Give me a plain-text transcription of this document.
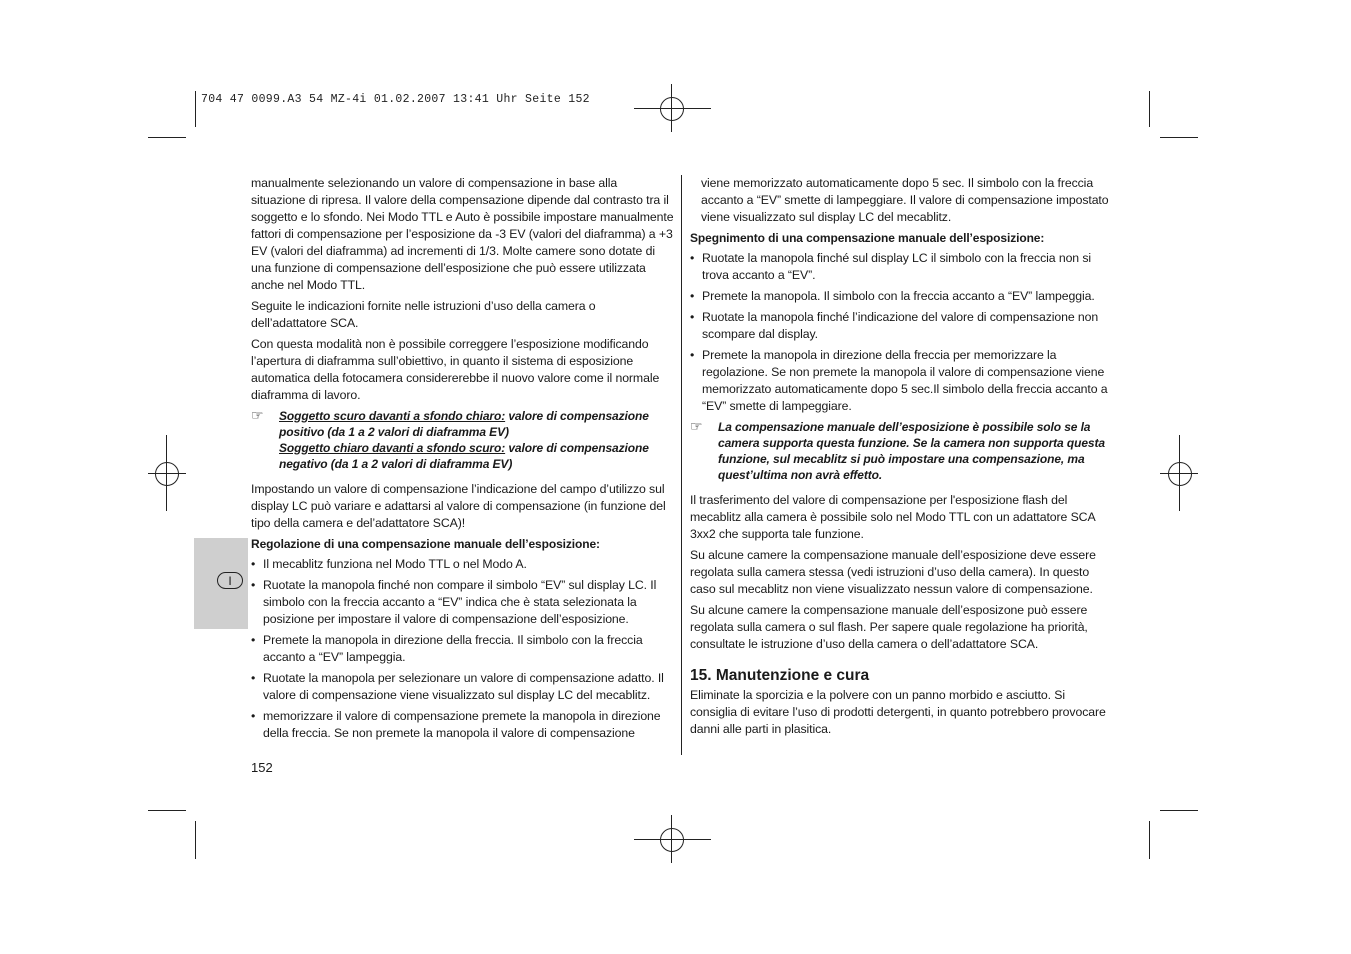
704 47 0099.A3 54 MZ-4i 01.02.2007 13:41 Uhr Seite 152
I

manualmente selezionando un valore di compensazione in base alla situazione di ripresa. Il valore della compensazione dipende dal contrasto tra il soggetto e lo sfondo. Nei Modo TTL e Auto è possibile impostare manualmente fattori di compensazione per l’esposizione da -3 EV (valori del diaframma) a +3 EV (valori del diaframma) ad incrementi di 1/3. Molte camere sono dotate di una funzione di compensazione dell’esposizione che può essere utilizzata anche nel Modo TTL.

Seguite le indicazioni fornite nelle istruzioni d’uso della camera o dell’adattatore SCA.

Con questa modalità non è possibile correggere l’esposizione modificando l’apertura di diaframma sull’obiettivo, in quanto il sistema di esposizione automatica della fotocamera considererebbe il nuovo valore come il normale diaframma di lavoro.

☞ Soggetto scuro davanti a sfondo chiaro: valore di compensazione positivo (da 1 a 2 valori di diaframma EV)
Soggetto chiaro davanti a sfondo scuro: valore di compensazione negativo (da 1 a 2 valori di diaframma EV)

Impostando un valore di compensazione l’indicazione del campo d’utilizzo sul display LC può variare e adattarsi al valore di compensazione (in funzione del tipo della camera e del’adattatore SCA)!

Regolazione di una compensazione manuale dell’esposizione:

• Il mecablitz funziona nel Modo TTL o nel Modo A.
• Ruotate la manopola finché non compare il simbolo “EV” sul display LC. Il simbolo con la freccia accanto a “EV” indica che è stata selezionata la posizione per impostare il valore di compensazione dell’esposizione.
• Premete la manopola in direzione della freccia. Il simbolo con la freccia accanto a “EV” lampeggia.
• Ruotate la manopola per selezionare un valore di compensazione adatto. Il valore di compensazione viene visualizzato sul display LC del mecablitz.
• memorizzare il valore di compensazione premete la manopola in direzione della freccia. Se non premete la manopola il valore di compensazione
152

viene memorizzato automaticamente dopo 5 sec. Il simbolo con la freccia accanto a “EV” smette di lampeggiare. Il valore di compensazione impostato viene visualizzato sul display LC del mecablitz.

Spegnimento di una compensazione manuale dell’esposizione:

• Ruotate la manopola finché sul display LC il simbolo con la freccia non si trova accanto a “EV”.
• Premete la manopola. Il simbolo con la freccia accanto a “EV” lampeggia.
• Ruotate la manopola finché l’indicazione del valore di compensazione non scompare dal display.
• Premete la manopola in direzione della freccia per memorizzare la regolazione. Se non premete la manopola il valore di compensazione viene memorizzato automaticamente dopo 5 sec.Il simbolo della freccia accanto a “EV” smette di lampeggiare.
☞ La compensazione manuale dell’esposizione è possibile solo se la camera supporta questa funzione. Se la camera non supporta questa funzione, sul mecablitz si può impostare una compensazione, ma quest’ultima non avrà effetto.

Il trasferimento del valore di compensazione per l'esposizione flash del mecablitz alla camera è possibile solo nel Modo TTL con un adattatore SCA 3xx2 che supporta tale funzione.

Su alcune camere la compensazione manuale dell’esposizione deve essere regolata sulla camera stessa (vedi istruzioni d’uso della camera). In questo caso sul mecablitz non viene visualizzato nessun valore di compensazione.

Su alcune camere la compensazione manuale dell’esposizone può essere regolata sulla camera o sul flash. Per sapere quale regolazione ha priorità, consultate le istruzione d’uso della camera o dell’adattatore SCA.

15. Manutenzione e cura

Eliminate la sporcizia e la polvere con un panno morbido e asciutto. Si consiglia di evitare l’uso di prodotti detergenti, in quanto potrebbero provocare danni alle parti in plasitica.
